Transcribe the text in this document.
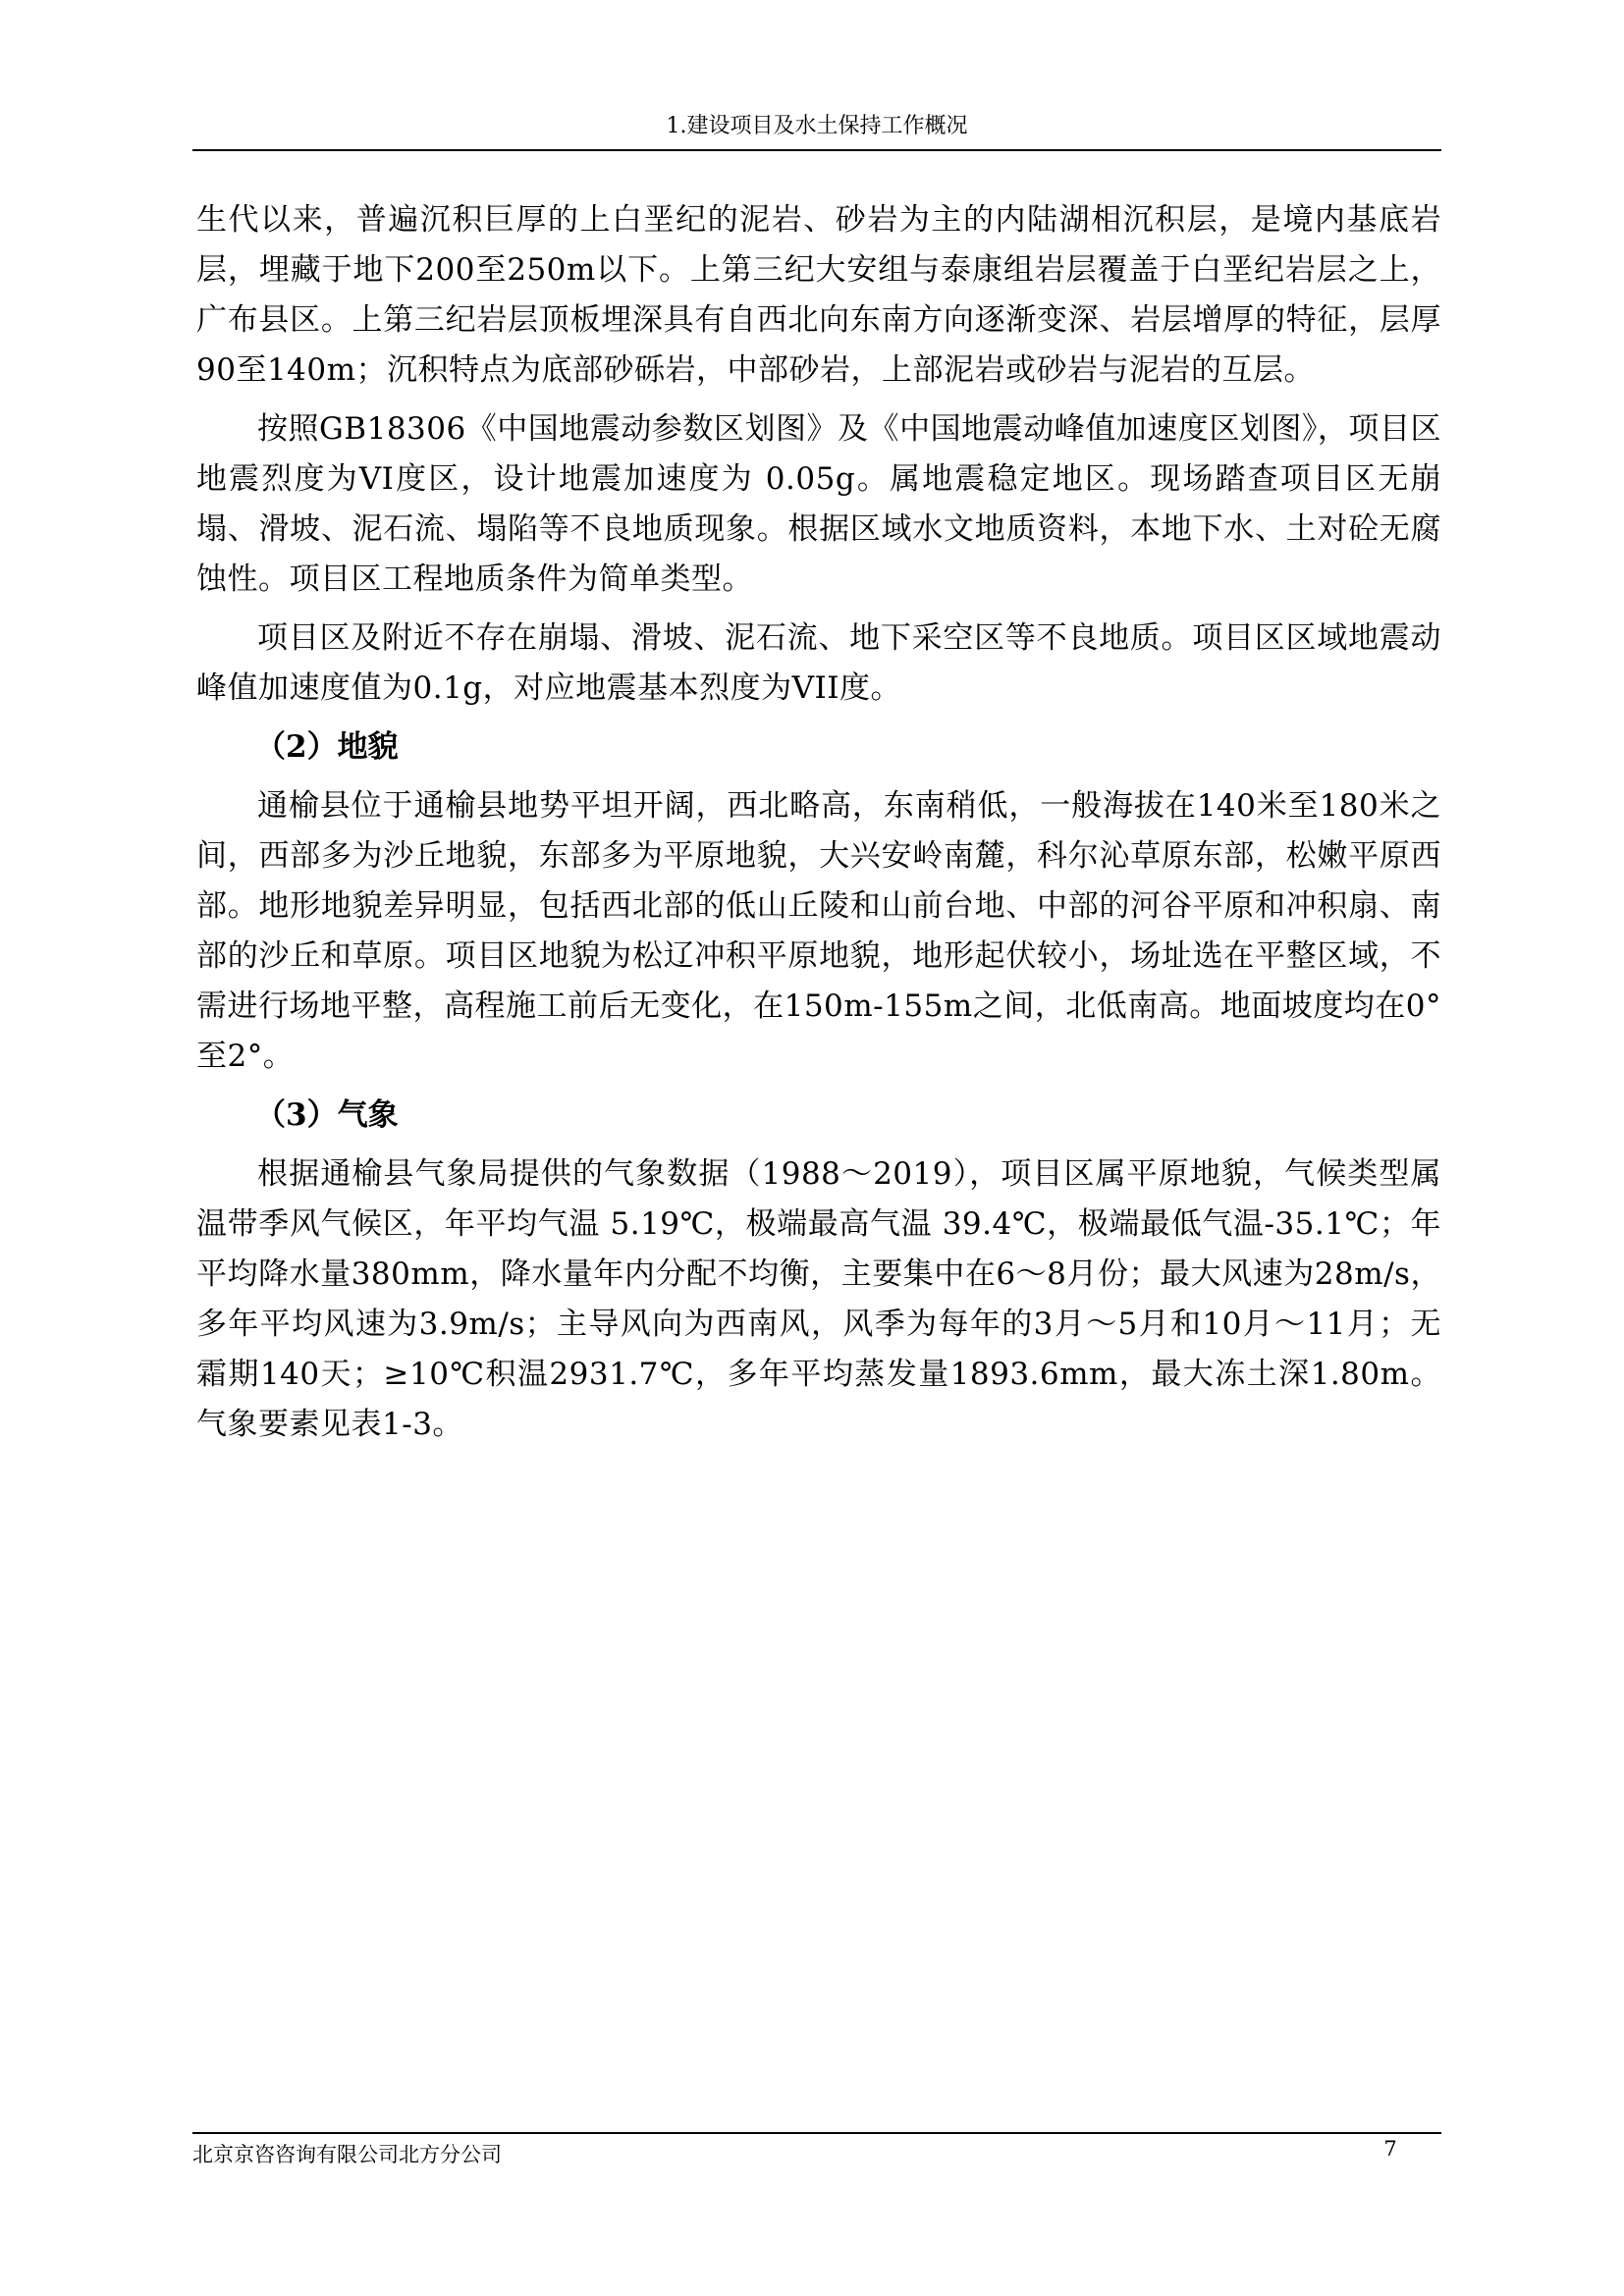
1.建设项目及水土保持工作概况

生代以来，普遍沉积巨厚的上白垩纪的泥岩、砂岩为主的内陆湖相沉积层，是境内基底岩层，埋藏于地下200至250m以下。上第三纪大安组与泰康组岩层覆盖于白垩纪岩层之上，广布县区。上第三纪岩层顶板埋深具有自西北向东南方向逐渐变深、岩层增厚的特征，层厚90至140m；沉积特点为底部砂砾岩，中部砂岩，上部泥岩或砂岩与泥岩的互层。

按照GB18306《中国地震动参数区划图》及《中国地震动峰值加速度区划图》，项目区地震烈度为VI度区，设计地震加速度为 0.05g。属地震稳定地区。现场踏查项目区无崩塌、滑坡、泥石流、塌陷等不良地质现象。根据区域水文地质资料，本地下水、土对砼无腐蚀性。项目区工程地质条件为简单类型。

项目区及附近不存在崩塌、滑坡、泥石流、地下采空区等不良地质。项目区区域地震动峰值加速度值为0.1g，对应地震基本烈度为VII度。

（2）地貌

通榆县位于通榆县地势平坦开阔，西北略高，东南稍低，一般海拔在140米至180米之间，西部多为沙丘地貌，东部多为平原地貌，大兴安岭南麓，科尔沁草原东部，松嫩平原西部。地形地貌差异明显，包括西北部的低山丘陵和山前台地、中部的河谷平原和冲积扇、南部的沙丘和草原。项目区地貌为松辽冲积平原地貌，地形起伏较小，场址选在平整区域，不需进行场地平整，高程施工前后无变化，在150m-155m之间，北低南高。地面坡度均在0°至2°。

（3）气象

根据通榆县气象局提供的气象数据（1988～2019），项目区属平原地貌，气候类型属温带季风气候区，年平均气温 5.19℃，极端最高气温 39.4℃，极端最低气温-35.1℃；年平均降水量380mm，降水量年内分配不均衡，主要集中在6～8月份；最大风速为28m/s，多年平均风速为3.9m/s；主导风向为西南风，风季为每年的3月～5月和10月～11月；无霜期140天；≥10℃积温2931.7℃，多年平均蒸发量1893.6mm，最大冻土深1.80m。气象要素见表1-3。

北京京咨咨询有限公司北方分公司	7
